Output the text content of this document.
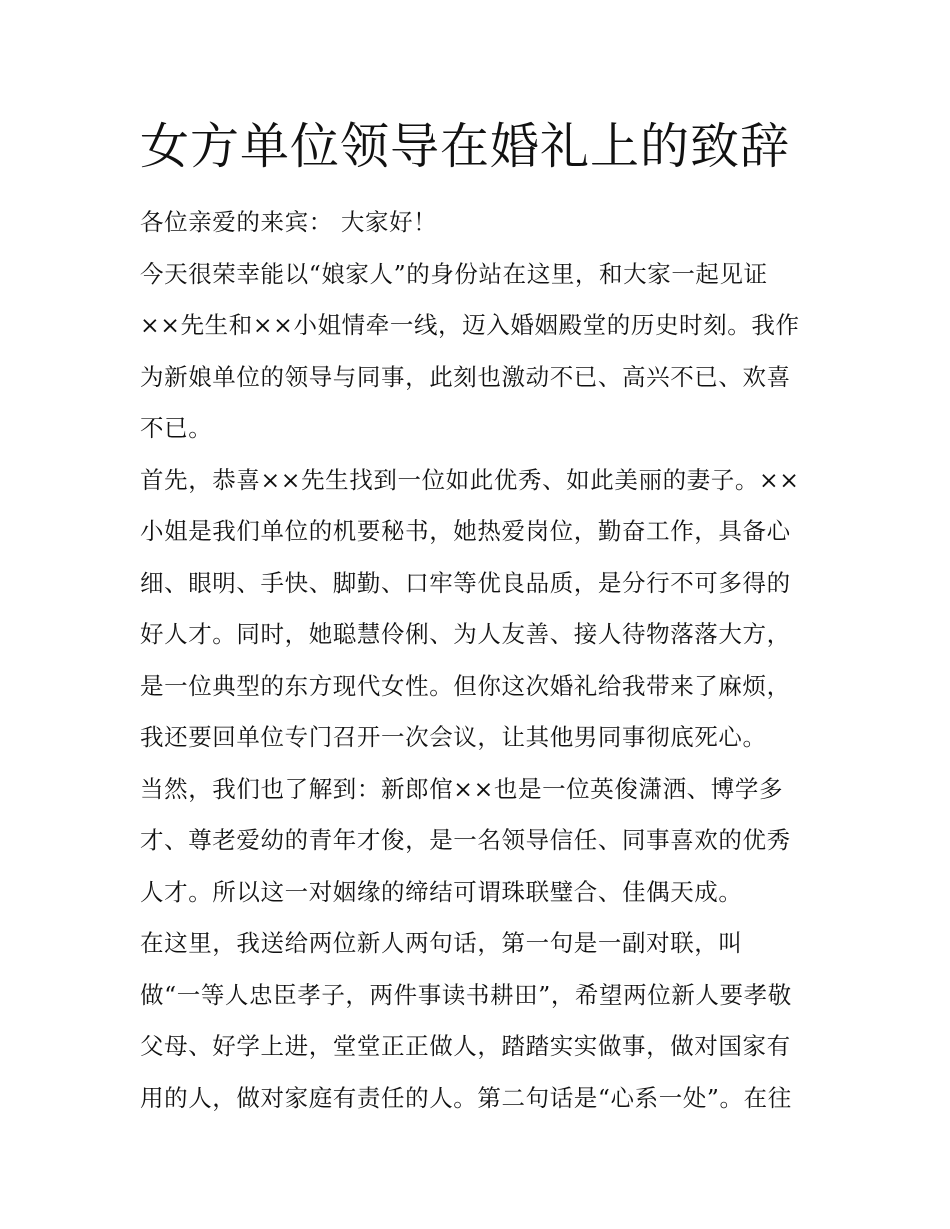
女方单位领导在婚礼上的致辞
各位亲爱的来宾： 大家好！
今天很荣幸能以“娘家人”的身份站在这里，和大家一起见证
××先生和××小姐情牵一线，迈入婚姻殿堂的历史时刻。我作
为新娘单位的领导与同事，此刻也激动不已、高兴不已、欢喜
不已。
首先，恭喜××先生找到一位如此优秀、如此美丽的妻子。××
小姐是我们单位的机要秘书，她热爱岗位，勤奋工作，具备心
细、眼明、手快、脚勤、口牢等优良品质，是分行不可多得的
好人才。同时，她聪慧伶俐、为人友善、接人待物落落大方，
是一位典型的东方现代女性。但你这次婚礼给我带来了麻烦，
我还要回单位专门召开一次会议，让其他男同事彻底死心。
当然，我们也了解到：新郎倌××也是一位英俊潇洒、博学多
才、尊老爱幼的青年才俊，是一名领导信任、同事喜欢的优秀
人才。所以这一对姻缘的缔结可谓珠联璧合、佳偶天成。
在这里，我送给两位新人两句话，第一句是一副对联，叫
做“一等人忠臣孝子，两件事读书耕田”，希望两位新人要孝敬
父母、好学上进，堂堂正正做人，踏踏实实做事，做对国家有
用的人，做对家庭有责任的人。第二句话是“心系一处”。在往
